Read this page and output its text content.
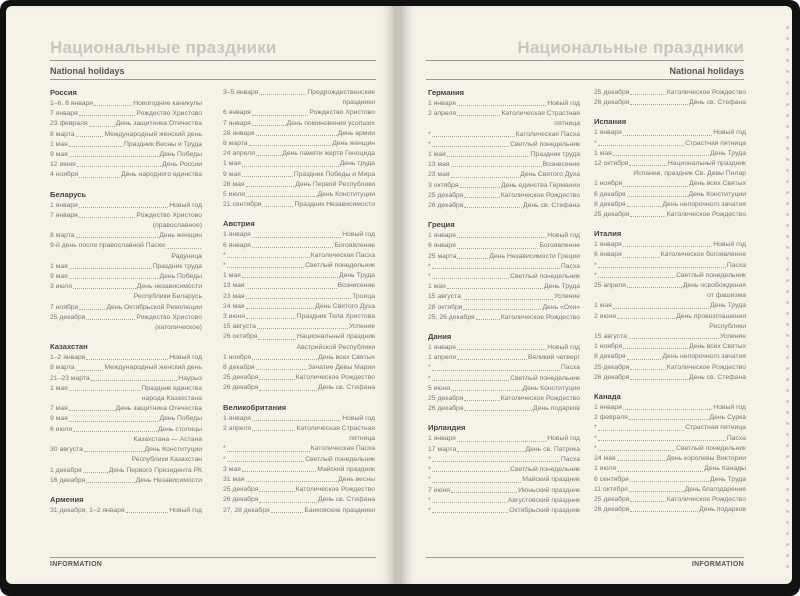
Национальные праздники
National holidays
Россия
1–6, 8 января	Новогодние каникулы
7 января	Рождество Христово
23 февраля	День защитника Отечества
8 марта	Международный женский день
1 мая	Праздник Весны и Труда
9 мая	День Победы
12 июня	День России
4 ноября	День народного единства
Беларусь
1 января	Новый год
7 января	Рождество Христово
(православное)
8 марта	День женщин
9-й день после православной Пасхи
Радуница
1 мая	Праздник труда
9 мая	День Победы
3 июля	День независимости
Республики Беларусь
7 ноября	День Октябрьской Революции
25 декабря	Рождество Христово
(католическое)
Казахстан
1–2 января	Новый год
8 марта	Международный женский день
21–23 марта	Наурыз
1 мая	Праздник единства
народа Казахстана
7 мая	День защитника Отечества
9 мая	День Победы
6 июля	День столицы
Казахстана — Астана
30 августа	День Конституции
Республики Казахстан
1 декабря	День Первого Президента РК
16 декабря	День Независимости
Армения
31 декабря, 1–2 января	Новый год
3–5 января	Предрождественские
праздники
6 января	Рождество Христово
7 января	День поминовения усопших
28 января	День армии
8 марта	День женщин
24 апреля	День памяти жертв Геноцида
1 мая	День труда
9 мая	Праздник Победы и Мира
28 мая	День Первой Республики
5 июля	День Конституции
21 сентября	Праздник Независимости
Австрия
1 января	Новый год
6 января	Богоявление
*	Католическая Пасха
*	Светлый понедельник
1 мая	День Труда
13 мая	Вознесение
23 мая	Троица
24 мая	День Святого Духа
3 июня	Праздник Тела Христова
15 августа	Успение
26 октября	Национальный праздник
Австрийской Республики
1 ноября	День всех Святых
8 декабря	Зачатие Девы Марии
25 декабря	Католическое Рождество
26 декабря	День св. Стефана
Великобритания
1 января	Новый год
2 апреля	Католическая Страстная
пятница
*	Католическая Пасха
*	Светлый понедельник
3 мая	Майский праздник
31 мая	День весны
25 декабря	Католическое Рождество
26 декабря	День св. Стефана
27, 28 декабря	Банковские праздники
INFORMATION
Национальные праздники
National holidays
Германия
1 января	Новый год
2 апреля	Католическая Страстная
пятница
*	Католическая Пасха
*	Светлый понедельник
1 мая	Праздник труда
13 мая	Вознесение
23 мая	День Святого Духа
3 октября	День единства Германии
25 декабря	Католическое Рождество
26 декабря	День св. Стефана
Греция
1 января	Новый год
6 января	Богоявление
25 марта	День Независимости Греции
*	Пасха
*	Светлый понедельник
1 мая	День Труда
15 августа	Успение
28 октября	День «Охи»
25, 26 декабря	Католическое Рождество
Дания
1 января	Новый год
1 апреля	Великий четверг
*	Пасха
*	Светлый понедельник
5 июня	День Конституции
25 декабря	Католическое Рождество
26 декабря	День подарков
Ирландия
1 января	Новый год
17 марта	День св. Патрика
*	Пасха
*	Светлый понедельник
*	Майский праздник
7 июня	Июньский праздник
*	Августовский праздник
*	Октябрьский праздник
25 декабря	Католическое Рождество
26 декабря	День св. Стефана
Испания
1 января	Новый год
*	Страстная пятница
1 мая	День Труда
12 октября	Национальный праздник
Испании, праздник Св. Девы Пилар
1 ноября	День всех Святых
6 декабря	День Конституции
8 декабря	День непорочного зачатия
25 декабря	Католическое Рождество
Италия
1 января	Новый год
6 января	Католическое богоявление
*	Пасха
*	Светлый понедельник
25 апреля	День освобождения
от фашизма
1 мая	День Труда
2 июня	День провозглашения
Республики
15 августа	Успение
1 ноября	День всех Святых
8 декабря	День непорочного зачатия
25 декабря	Католическое Рождество
26 декабря	День св. Стефана
Канада
1 января	Новый год
2 февраля	День Сурка
*	Страстная пятница
*	Пасха
*	Светлый понедельник
24 мая	День королевы Виктории
1 июля	День Канады
6 сентября	День Труда
11 октября	День благодарения
25 декабря	Католическое Рождество
26 декабря	День подарков
INFORMATION
